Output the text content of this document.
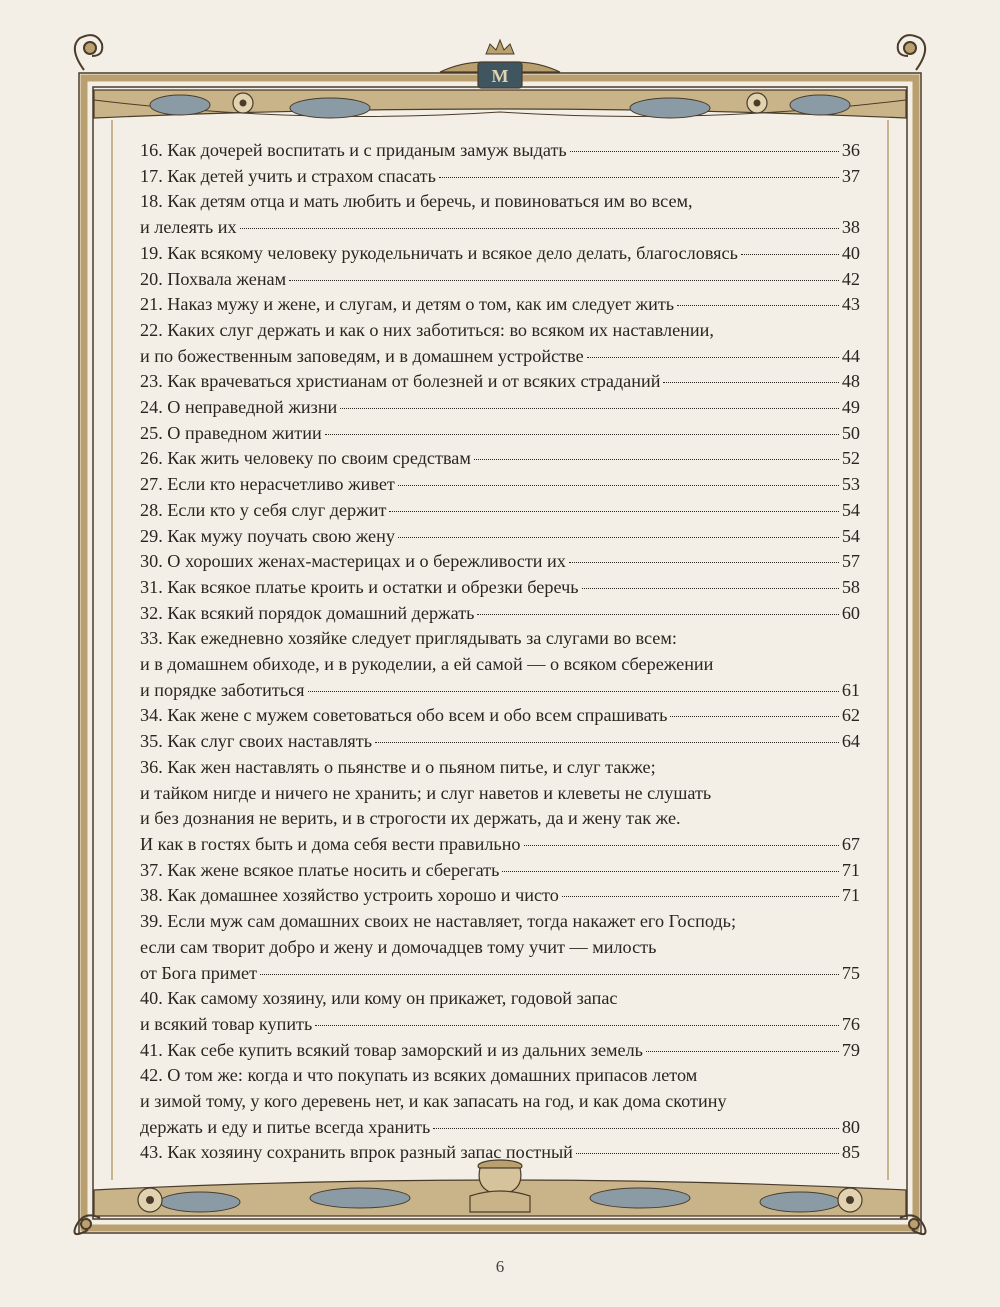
M
16. Как дочерей воспитать и с приданым замуж выдать	36
17. Как детей учить и страхом спасать	37
18. Как детям отца и мать любить и беречь, и повиноваться им во всем,
и лелеять их	38
19. Как всякому человеку рукодельничать и всякое дело делать, благословясь	40
20. Похвала женам	42
21. Наказ мужу и жене, и слугам, и детям о том, как им следует жить	43
22. Каких слуг держать и как о них заботиться: во всяком их наставлении,
и по божественным заповедям, и в домашнем устройстве	44
23. Как врачеваться христианам от болезней и от всяких страданий	48
24. О неправедной жизни	49
25. О праведном житии	50
26. Как жить человеку по своим средствам	52
27. Если кто нерасчетливо живет	53
28. Если кто у себя слуг держит	54
29. Как мужу поучать свою жену	54
30. О хороших женах-мастерицах и о бережливости их	57
31. Как всякое платье кроить и остатки и обрезки беречь	58
32. Как всякий порядок домашний держать	60
33. Как ежедневно хозяйке следует приглядывать за слугами во всем:
и в домашнем обиходе, и в рукоделии, а ей самой — о всяком сбережении
и порядке заботиться	61
34. Как жене с мужем советоваться обо всем и обо всем спрашивать	62
35. Как слуг своих наставлять	64
36. Как жен наставлять о пьянстве и о пьяном питье, и слуг также;
и тайком нигде и ничего не хранить; и слуг наветов и клеветы не слушать
и без дознания не верить, и в строгости их держать, да и жену так же.
И как в гостях быть и дома себя вести правильно	67
37. Как жене всякое платье носить и сберегать	71
38. Как домашнее хозяйство устроить хорошо и чисто	71
39. Если муж сам домашних своих не наставляет, тогда накажет его Господь;
если сам творит добро и жену и домочадцев тому учит — милость
от Бога примет	75
40. Как самому хозяину, или кому он прикажет, годовой запас
и всякий товар купить	76
41. Как себе купить всякий товар заморский и из дальних земель	79
42. О том же: когда и что покупать из всяких домашних припасов летом
и зимой тому, у кого деревень нет, и как запасать на год, и как дома скотину
держать и еду и питье всегда хранить	80
43. Как хозяину сохранить впрок разный запас постный	85
6
